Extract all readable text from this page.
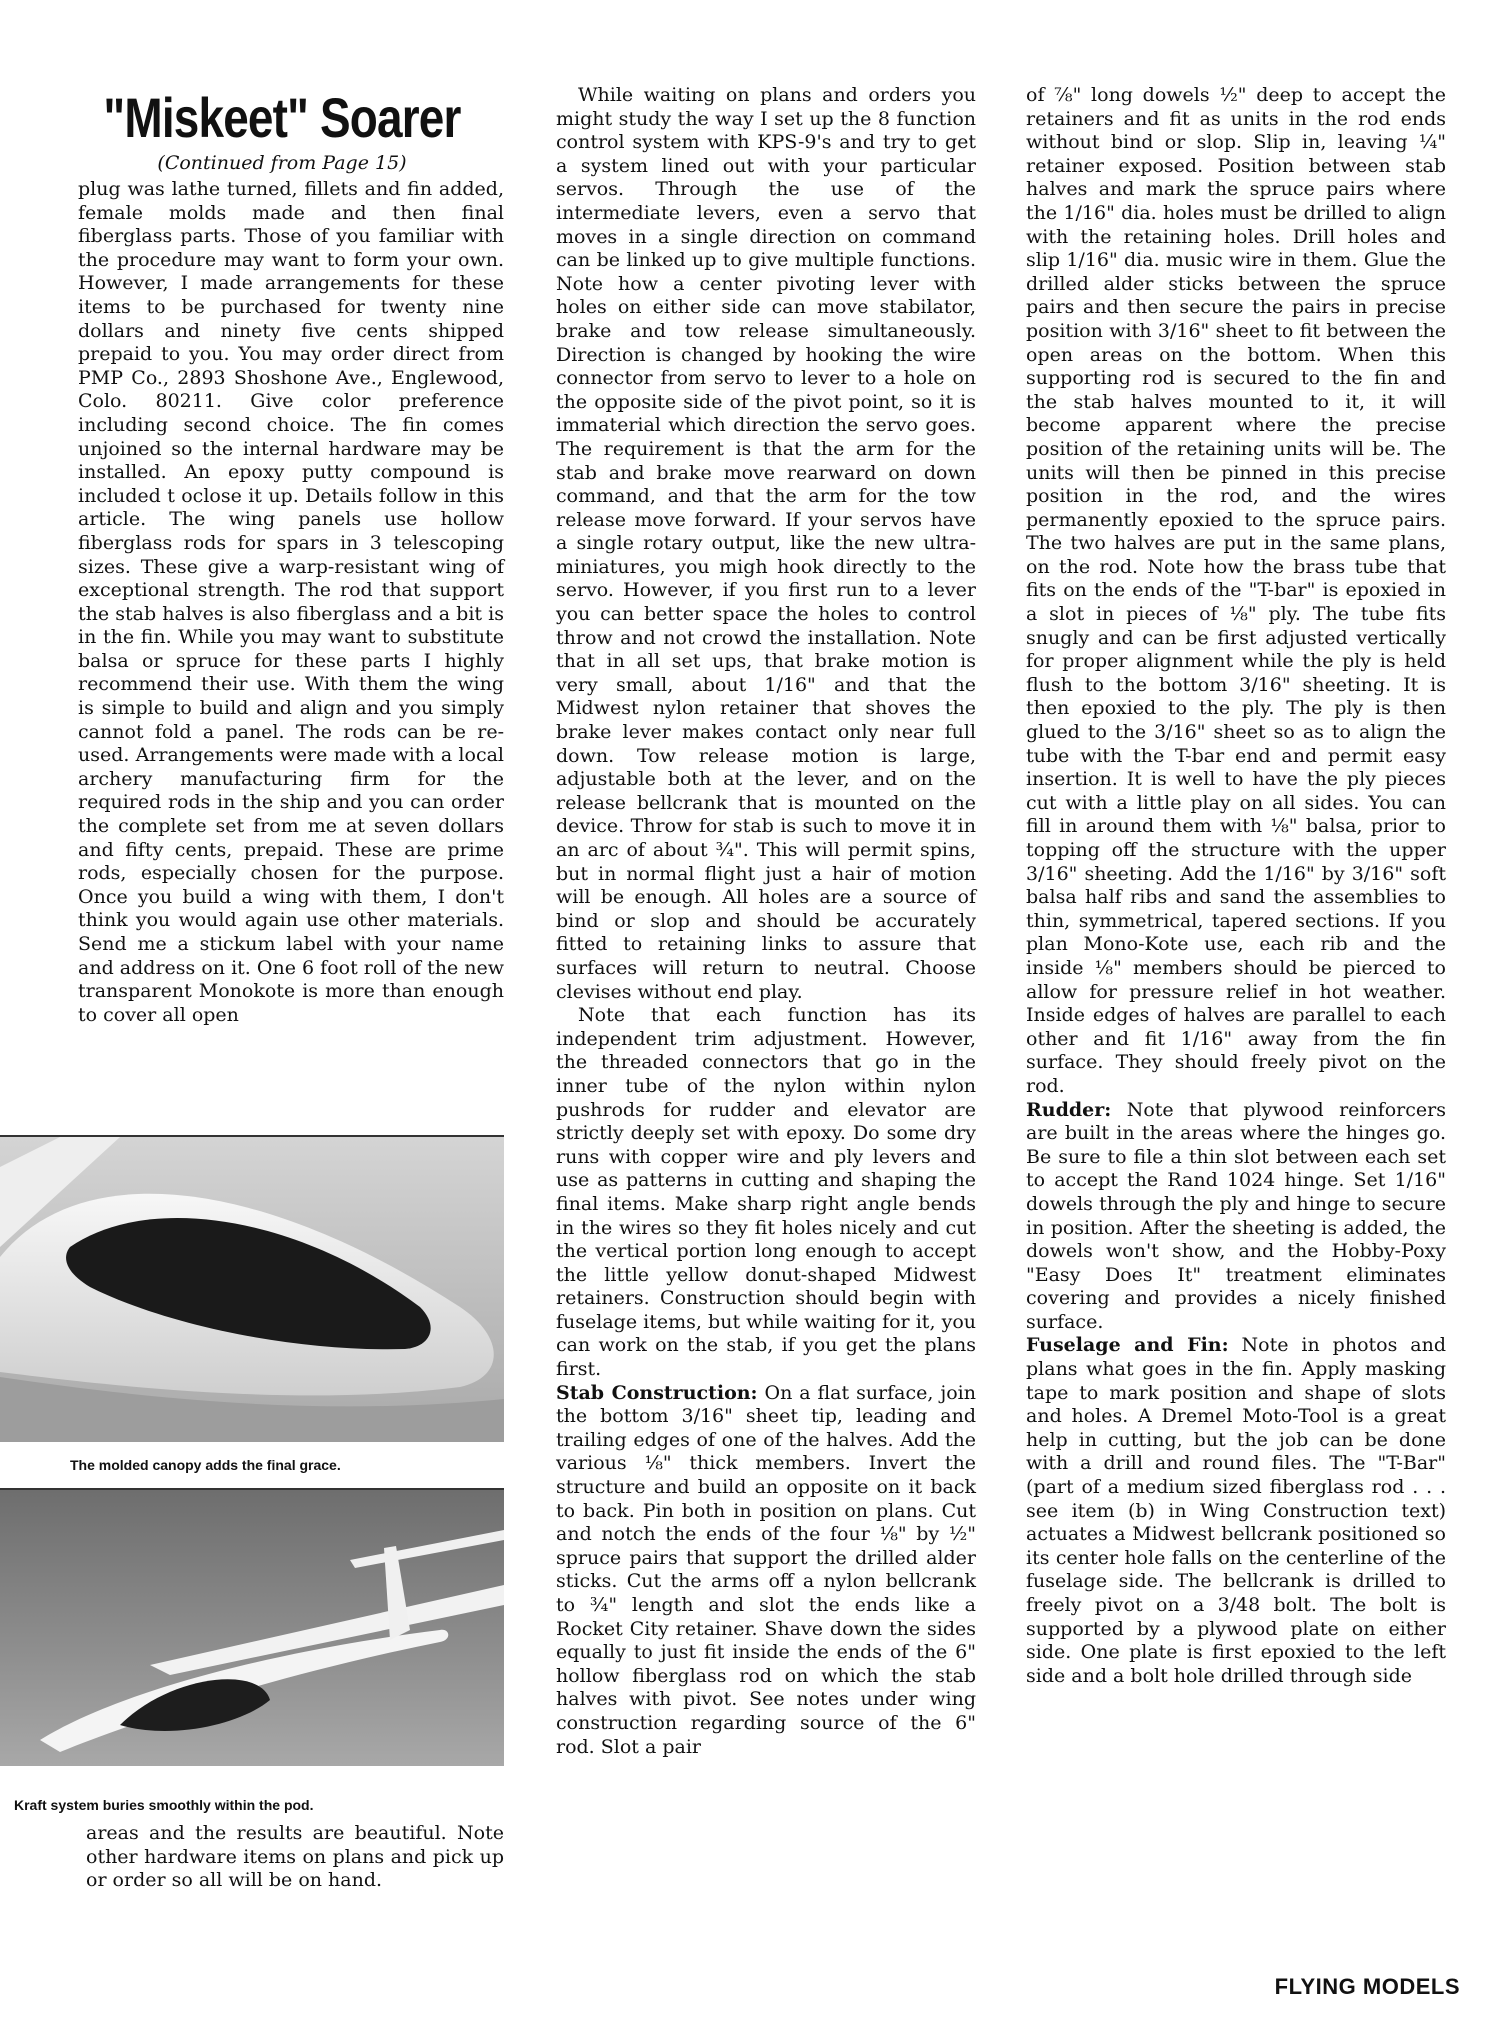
"Miskeet" Soarer
(Continued from Page 15)

plug was lathe turned, fillets and fin added, female molds made and then final fiberglass parts. Those of you familiar with the procedure may want to form your own. However, I made arrangements for these items to be purchased for twenty nine dollars and ninety five cents shipped prepaid to you. You may order direct from PMP Co., 2893 Shoshone Ave., Englewood, Colo. 80211. Give color preference including second choice. The fin comes unjoined so the internal hardware may be installed. An epoxy putty compound is included t oclose it up. Details follow in this article. The wing panels use hollow fiberglass rods for spars in 3 telescoping sizes. These give a warp-resistant wing of exceptional strength. The rod that support the stab halves is also fiberglass and a bit is in the fin. While you may want to substitute balsa or spruce for these parts I highly recommend their use. With them the wing is simple to build and align and you simply cannot fold a panel. The rods can be re-used. Arrangements were made with a local archery manufacturing firm for the required rods in the ship and you can order the complete set from me at seven dollars and fifty cents, prepaid. These are prime rods, especially chosen for the purpose. Once you build a wing with them, I don't think you would again use other materials. Send me a stickum label with your name and address on it. One 6 foot roll of the new transparent Monokote is more than enough to cover all open

The molded canopy adds the final grace.
Kraft system buries smoothly within the pod.

areas and the results are beautiful. Note other hardware items on plans and pick up or order so all will be on hand.

While waiting on plans and orders you might study the way I set up the 8 function control system with KPS-9's and try to get a system lined out with your particular servos. Through the use of the intermediate levers, even a servo that moves in a single direction on command can be linked up to give multiple functions. Note how a center pivoting lever with holes on either side can move stabilator, brake and tow release simultaneously. Direction is changed by hooking the wire connector from servo to lever to a hole on the opposite side of the pivot point, so it is immaterial which direction the servo goes. The requirement is that the arm for the stab and brake move rearward on down command, and that the arm for the tow release move forward. If your servos have a single rotary output, like the new ultra-miniatures, you migh hook directly to the servo. However, if you first run to a lever you can better space the holes to control throw and not crowd the installation. Note that in all set ups, that brake motion is very small, about 1/16" and that the Midwest nylon retainer that shoves the brake lever makes contact only near full down. Tow release motion is large, adjustable both at the lever, and on the release bellcrank that is mounted on the device. Throw for stab is such to move it in an arc of about ¾". This will permit spins, but in normal flight just a hair of motion will be enough. All holes are a source of bind or slop and should be accurately fitted to retaining links to assure that surfaces will return to neutral. Choose clevises without end play.

Note that each function has its independent trim adjustment. However, the threaded connectors that go in the inner tube of the nylon within nylon pushrods for rudder and elevator are strictly deeply set with epoxy. Do some dry runs with copper wire and ply levers and use as patterns in cutting and shaping the final items. Make sharp right angle bends in the wires so they fit holes nicely and cut the vertical portion long enough to accept the little yellow donut-shaped Midwest retainers. Construction should begin with fuselage items, but while waiting for it, you can work on the stab, if you get the plans first.

Stab Construction: On a flat surface, join the bottom 3/16" sheet tip, leading and trailing edges of one of the halves. Add the various ⅛" thick members. Invert the structure and build an opposite on it back to back. Pin both in position on plans. Cut and notch the ends of the four ⅛" by ½" spruce pairs that support the drilled alder sticks. Cut the arms off a nylon bellcrank to ¾" length and slot the ends like a Rocket City retainer. Shave down the sides equally to just fit inside the ends of the 6" hollow fiberglass rod on which the stab halves with pivot. See notes under wing construction regarding source of the 6" rod. Slot a pair

of ⅞" long dowels ½" deep to accept the retainers and fit as units in the rod ends without bind or slop. Slip in, leaving ¼" retainer exposed. Position between stab halves and mark the spruce pairs where the 1/16" dia. holes must be drilled to align with the retaining holes. Drill holes and slip 1/16" dia. music wire in them. Glue the drilled alder sticks between the spruce pairs and then secure the pairs in precise position with 3/16" sheet to fit between the open areas on the bottom. When this supporting rod is secured to the fin and the stab halves mounted to it, it will become apparent where the precise position of the retaining units will be. The units will then be pinned in this precise position in the rod, and the wires permanently epoxied to the spruce pairs. The two halves are put in the same plans, on the rod. Note how the brass tube that fits on the ends of the "T-bar" is epoxied in a slot in pieces of ⅛" ply. The tube fits snugly and can be first adjusted vertically for proper alignment while the ply is held flush to the bottom 3/16" sheeting. It is then epoxied to the ply. The ply is then glued to the 3/16" sheet so as to align the tube with the T-bar end and permit easy insertion. It is well to have the ply pieces cut with a little play on all sides. You can fill in around them with ⅛" balsa, prior to topping off the structure with the upper 3/16" sheeting. Add the 1/16" by 3/16" soft balsa half ribs and sand the assemblies to thin, symmetrical, tapered sections. If you plan Mono-Kote use, each rib and the inside ⅛" members should be pierced to allow for pressure relief in hot weather. Inside edges of halves are parallel to each other and fit 1/16" away from the fin surface. They should freely pivot on the rod.

Rudder: Note that plywood reinforcers are built in the areas where the hinges go. Be sure to file a thin slot between each set to accept the Rand 1024 hinge. Set 1/16" dowels through the ply and hinge to secure in position. After the sheeting is added, the dowels won't show, and the Hobby-Poxy "Easy Does It" treatment eliminates covering and provides a nicely finished surface.

Fuselage and Fin: Note in photos and plans what goes in the fin. Apply masking tape to mark position and shape of slots and holes. A Dremel Moto-Tool is a great help in cutting, but the job can be done with a drill and round files. The "T-Bar" (part of a medium sized fiberglass rod . . . see item (b) in Wing Construction text) actuates a Midwest bellcrank positioned so its center hole falls on the centerline of the fuselage side. The bellcrank is drilled to freely pivot on a 3/48 bolt. The bolt is supported by a plywood plate on either side. One plate is first epoxied to the left side and a bolt hole drilled through side

FLYING MODELS
